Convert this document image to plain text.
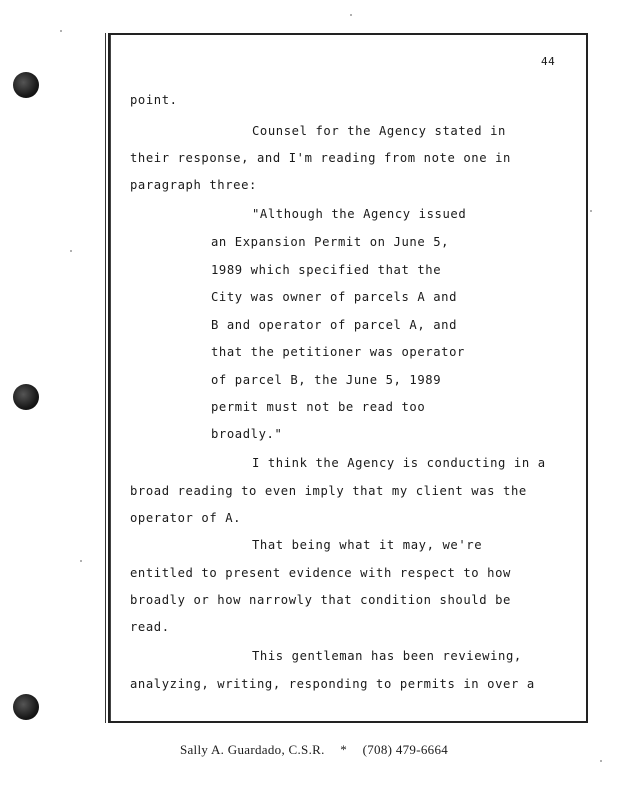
44
point.
Counsel for the Agency stated in
their response, and I'm reading from note one in
paragraph three:
"Although the Agency issued
an Expansion Permit on June 5,
1989 which specified that the
City was owner of parcels A and
B and operator of parcel A, and
that the petitioner was operator
of parcel B, the June 5, 1989
permit must not be read too
broadly."
I think the Agency is conducting in a
broad reading to even imply that my client was the
operator of A.
That being what it may, we're
entitled to present evidence with respect to how
broadly or how narrowly that condition should be
read.
This gentleman has been reviewing,
analyzing, writing, responding to permits in over a
Sally A. Guardado, C.S.R. * (708) 479-6664
